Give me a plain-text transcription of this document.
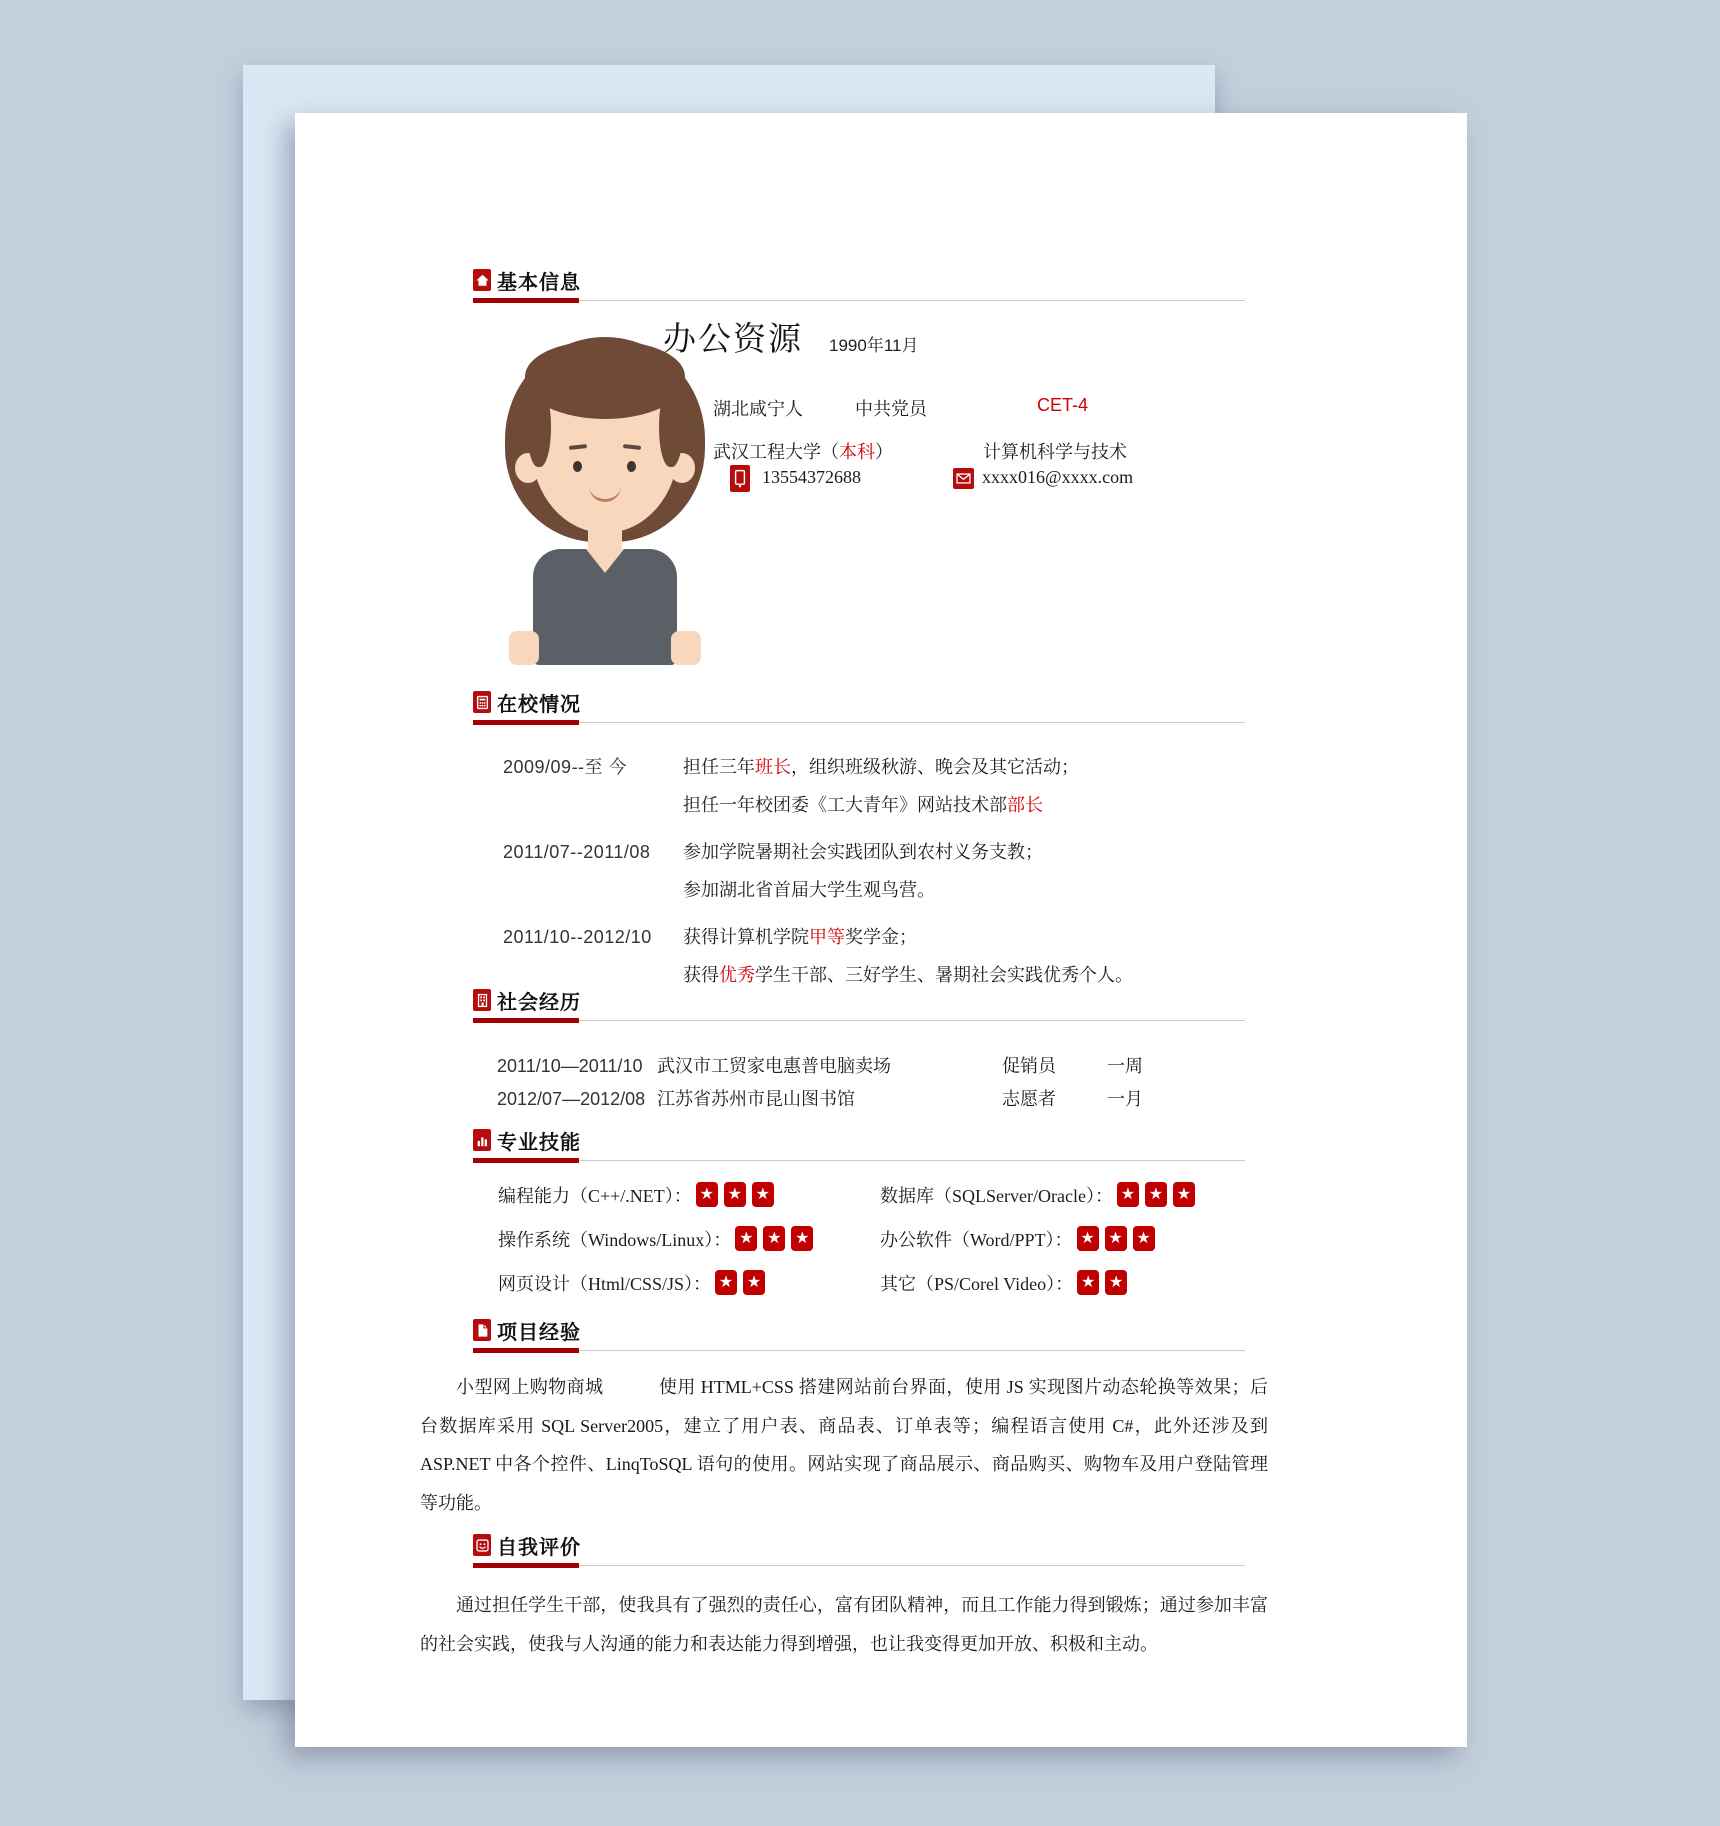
基本信息
办公资源 1990年11月
湖北咸宁人	中共党员	CET-4
武汉工程大学（本科）	计算机科学与技术
13554372688	xxxx016@xxxx.com
在校情况
2009/09--至 今	担任三年班长，组织班级秋游、晚会及其它活动；
担任一年校团委《工大青年》网站技术部部长
2011/07--2011/08	参加学院暑期社会实践团队到农村义务支教；
参加湖北省首届大学生观鸟营。
2011/10--2012/10	获得计算机学院甲等奖学金；
获得优秀学生干部、三好学生、暑期社会实践优秀个人。
社会经历
2011/10—2011/10 武汉市工贸家电惠普电脑卖场	促销员	一周
2012/07—2012/08 江苏省苏州市昆山图书馆	志愿者	一月
专业技能
编程能力（C++/.NET）： ★ ★ ★	数据库（SQLServer/Oracle）： ★ ★ ★
操作系统（Windows/Linux）： ★ ★ ★	办公软件（Word/PPT）： ★ ★ ★
网页设计（Html/CSS/JS）： ★ ★	其它（PS/Corel Video）： ★ ★
项目经验
小型网上购物商城　　　使用 HTML+CSS 搭建网站前台界面，使用 JS 实现图片动态轮换等效果；后台数据库采用 SQL Server2005，建立了用户表、商品表、订单表等；编程语言使用 C#，此外还涉及到 ASP.NET 中各个控件、LinqToSQL 语句的使用。网站实现了商品展示、商品购买、购物车及用户登陆管理等功能。
自我评价
通过担任学生干部，使我具有了强烈的责任心，富有团队精神，而且工作能力得到锻炼；通过参加丰富的社会实践，使我与人沟通的能力和表达能力得到增强，也让我变得更加开放、积极和主动。
